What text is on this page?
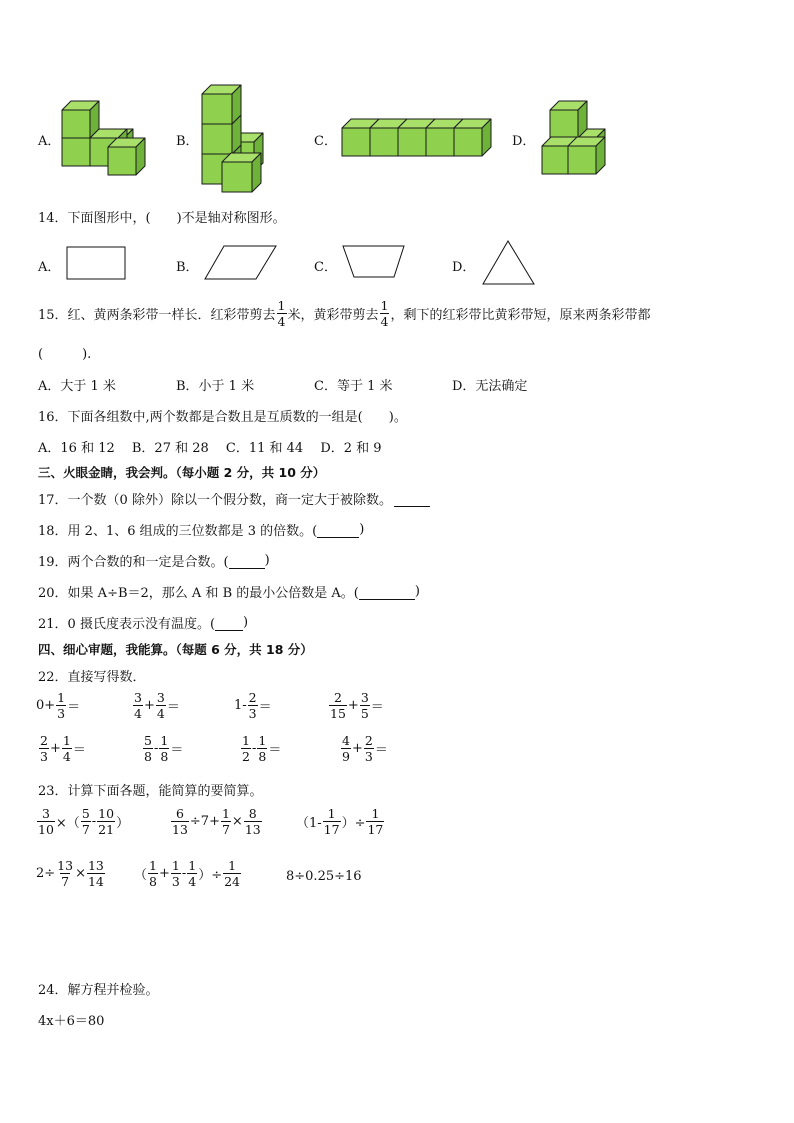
A．	B．	C．	D．
14．下面图形中，(　　)不是轴对称图形。
A．	B．	C．	D．
15．红、黄两条彩带一样长．红彩带剪去 $\frac{1}{4}$ 米，黄彩带剪去 $\frac{1}{4}$ ，剩下的红彩带比黄彩带短，原来两条彩带都
(　　　).
A．大于 1 米	B．小于 1 米	C．等于 1 米	D．无法确定
16．下面各组数中,两个数都是合数且是互质数的一组是(　　)。
A．16 和 12　 B．27 和 28　 C．11 和 44　 D．2 和 9
三、火眼金睛，我会判。（每小题 2 分，共 10 分）
17．一个数（0 除外）除以一个假分数，商一定大于被除数。

18．用 2、1、6 组成的三位数都是 3 的倍数。(
	)
19．两个合数的和一定是合数。(
	)
20．如果 A÷B＝2，那么 A 和 B 的最小公倍数是 A。(
	)
21．0 摄氏度表示没有温度。(
)
四、细心审题，我能算。（每题 6 分，共 18 分）
22．直接写得数．
$0+ \frac{1}{3}$ ＝	$\frac{3}{4} + \frac{3}{4}$ ＝	$1- \frac{2}{3}$ ＝	$\frac{2}{15} + \frac{3}{5}$ ＝
$\frac{2}{3} + \frac{1}{4}$ ＝	$\frac{5}{8} - \frac{1}{8}$ ＝	$\frac{1}{2} - \frac{1}{8}$ ＝	$\frac{4}{9} + \frac{2}{3}$ ＝
23．计算下面各题，能简算的要简算。
$\frac{3}{10}$ ×（ $\frac{5}{7} - \frac{10}{21}$ ）	$\frac{6}{13} \div 7+ \frac{1}{7} \times \frac{8}{13}$	（$1- \frac{1}{17}$ ）÷ $\frac{1}{17}$
$2\div \frac{13}{7} \times \frac{13}{14}$ （ $\frac{1}{8} + \frac{1}{3} - \frac{1}{4}$ ）÷ $\frac{1}{24}$	8÷0.25÷16
24．解方程并检验。
4x＋6＝80
